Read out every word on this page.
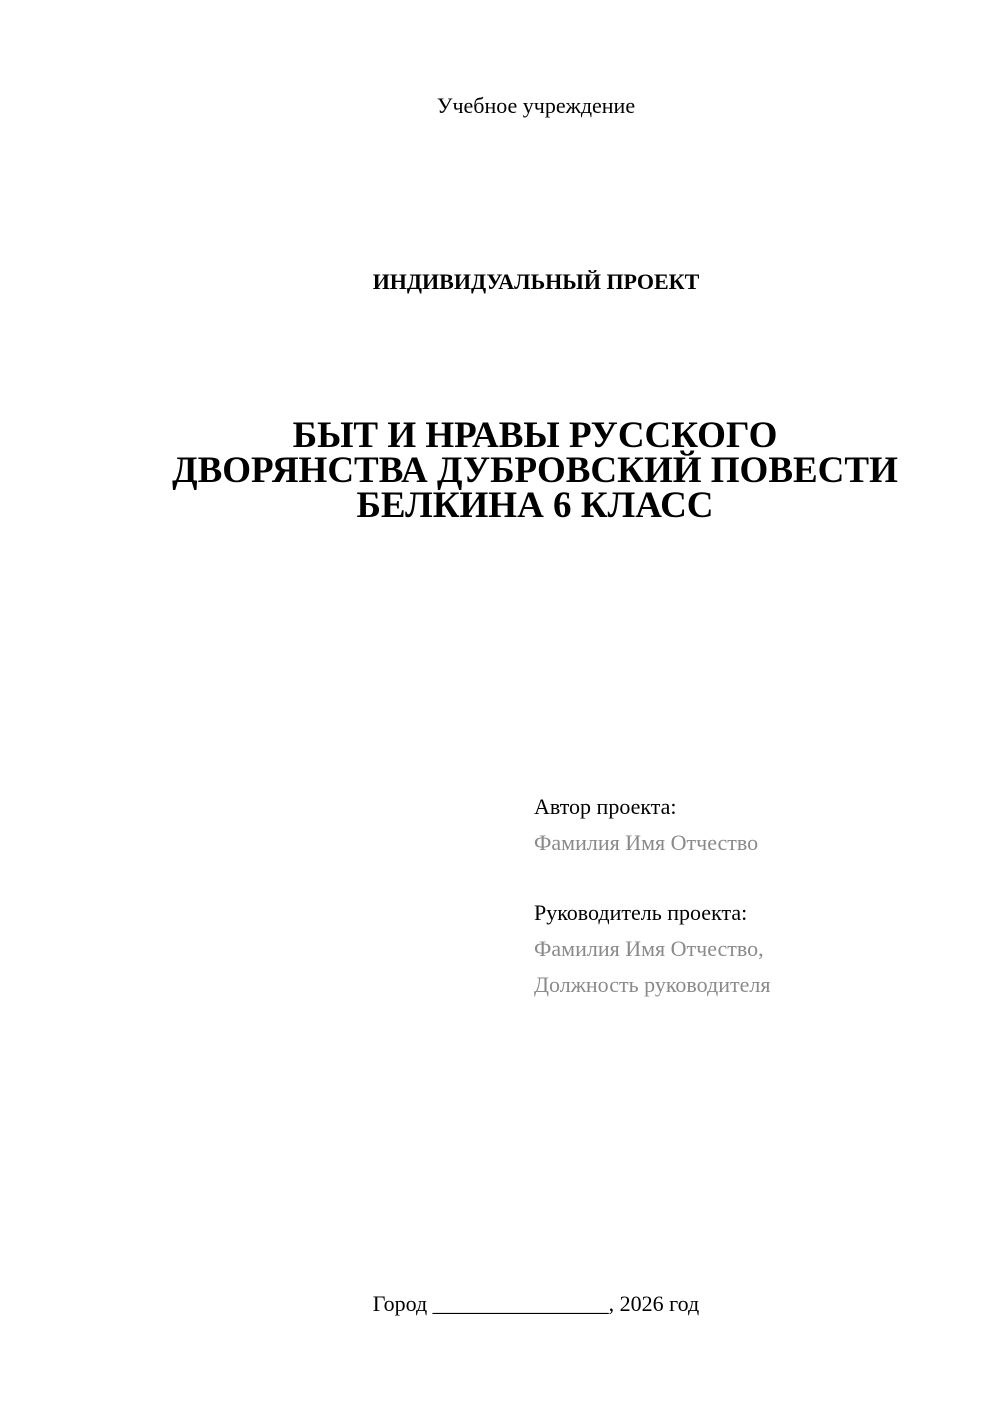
Учебное учреждение
ИНДИВИДУАЛЬНЫЙ ПРОЕКТ
БЫТ И НРАВЫ РУССКОГО
ДВОРЯНСТВА ДУБРОВСКИЙ ПОВЕСТИ
БЕЛКИНА 6 КЛАСС
Автор проекта:
Фамилия Имя Отчество
Руководитель проекта:
Фамилия Имя Отчество,
Должность руководителя
Город ________________, 2026 год
